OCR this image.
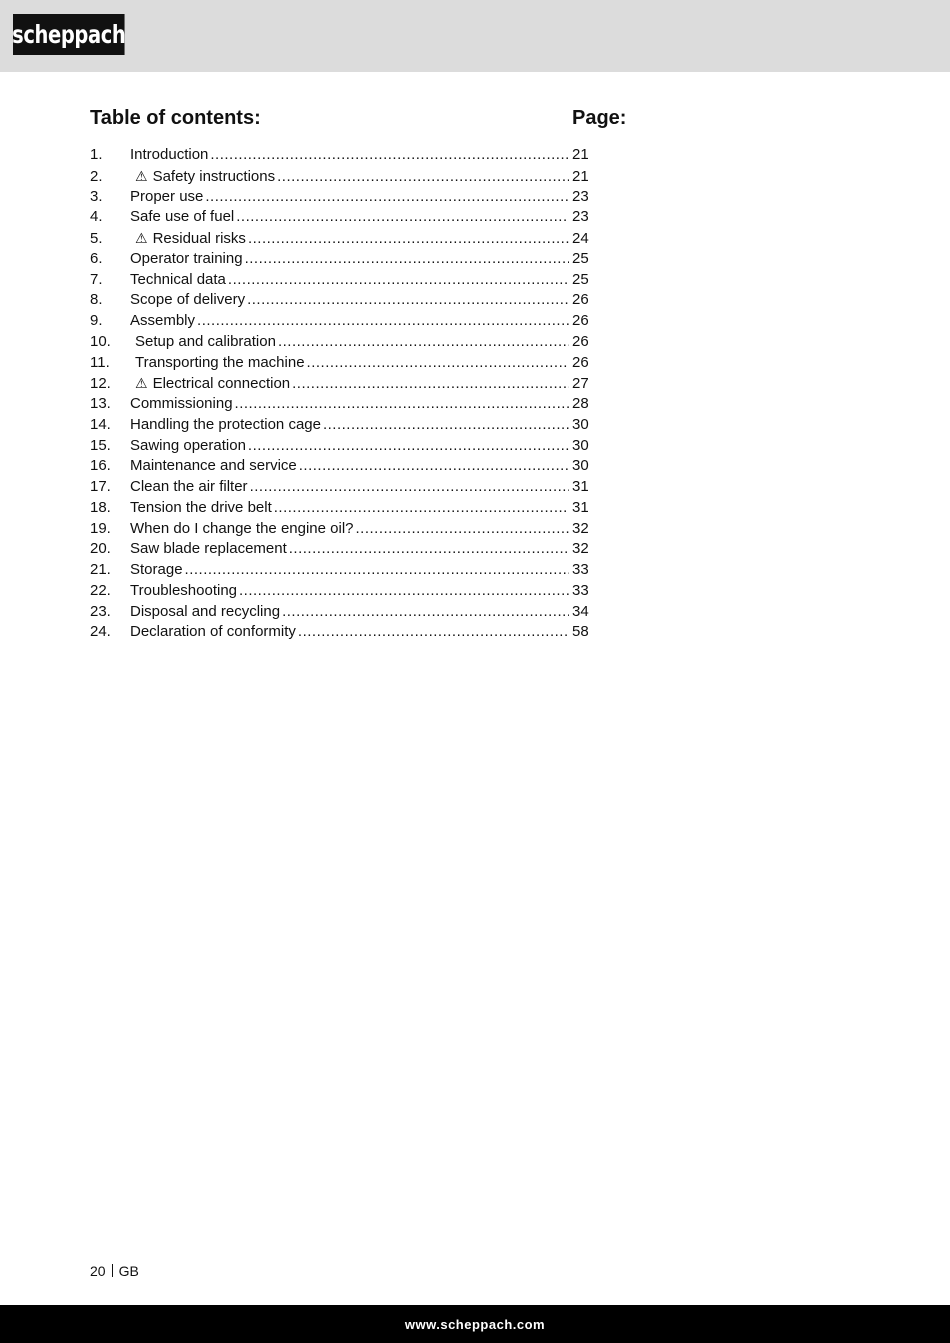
scheppach
Table of contents:	Page:
1.	Introduction .....	21
2.	⚠ Safety instructions .....	21
3.	Proper use .....	23
4.	Safe use of fuel .....	23
5.	⚠ Residual risks .....	24
6.	Operator training .....	25
7.	Technical data .....	25
8.	Scope of delivery .....	26
9.	Assembly .....	26
10.	Setup and calibration .....	26
11.	Transporting the machine .....	26
12.	⚠ Electrical connection .....	27
13.	Commissioning .....	28
14.	Handling the protection cage .....	30
15.	Sawing operation .....	30
16.	Maintenance and service .....	30
17.	Clean the air filter .....	31
18.	Tension the drive belt .....	31
19.	When do I change the engine oil? .....	32
20.	Saw blade replacement .....	32
21.	Storage .....	33
22.	Troubleshooting .....	33
23.	Disposal and recycling .....	34
24.	Declaration of conformity .....	58
20 GB
www.scheppach.com
